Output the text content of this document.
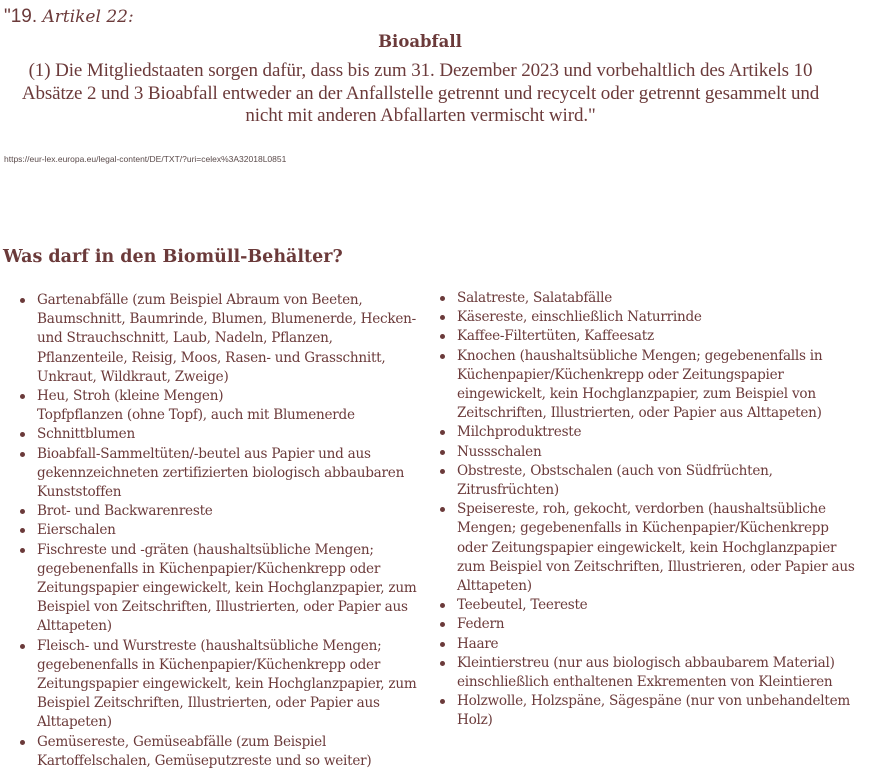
"19. Artikel 22:
Bioabfall
(1) Die Mitgliedstaaten sorgen dafür, dass bis zum 31. Dezember 2023 und vorbehaltlich des Artikels 10 Absätze 2 und 3 Bioabfall entweder an der Anfallstelle getrennt und recycelt oder getrennt gesammelt und nicht mit anderen Abfallarten vermischt wird."
https://eur-lex.europa.eu/legal-content/DE/TXT/?uri=celex%3A32018L0851
Was darf in den Biomüll-Behälter?
Gartenabfälle (zum Beispiel Abraum von Beeten, Baumschnitt, Baumrinde, Blumen, Blumenerde, Hecken- und Strauchschnitt, Laub, Nadeln, Pflanzen, Pflanzenteile, Reisig, Moos, Rasen- und Grasschnitt, Unkraut, Wildkraut, Zweige)
Heu, Stroh (kleine Mengen)
Topfpflanzen (ohne Topf), auch mit Blumenerde
Schnittblumen
Bioabfall-Sammeltüten/-beutel aus Papier und aus gekennzeichneten zertifizierten biologisch abbaubaren Kunststoffen
Brot- und Backwarenreste
Eierschalen
Fischreste und -gräten (haushaltsübliche Mengen; gegebenenfalls in Küchenpapier/Küchenkrepp oder Zeitungspapier eingewickelt, kein Hochglanzpapier, zum Beispiel von Zeitschriften, Illustrierten, oder Papier aus Alttapeten)
Fleisch- und Wurstreste (haushaltsübliche Mengen; gegebenenfalls in Küchenpapier/Küchenkrepp oder Zeitungspapier eingewickelt, kein Hochglanzpapier, zum Beispiel Zeitschriften, Illustrierten, oder Papier aus Alttapeten)
Gemüsereste, Gemüseabfälle (zum Beispiel Kartoffelschalen, Gemüseputzreste und so weiter)
Salatreste, Salatabfälle
Käsereste, einschließlich Naturrinde
Kaffee-Filtertüten, Kaffeesatz
Knochen (haushaltsübliche Mengen; gegebenenfalls in Küchenpapier/Küchenkrepp oder Zeitungspapier eingewickelt, kein Hochglanzpapier, zum Beispiel von Zeitschriften, Illustrierten, oder Papier aus Alttapeten)
Milchproduktreste
Nussschalen
Obstreste, Obstschalen (auch von Südfrüchten, Zitrusfrüchten)
Speisereste, roh, gekocht, verdorben (haushaltsübliche Mengen; gegebenenfalls in Küchenpapier/Küchenkrepp oder Zeitungspapier eingewickelt, kein Hochglanzpapier zum Beispiel von Zeitschriften, Illustrieren, oder Papier aus Alttapeten)
Teebeutel, Teereste
Federn
Haare
Kleintierstreu (nur aus biologisch abbaubarem Material) einschließlich enthaltenen Exkrementen von Kleintieren
Holzwolle, Holzspäne, Sägespäne (nur von unbehandeltem Holz)
